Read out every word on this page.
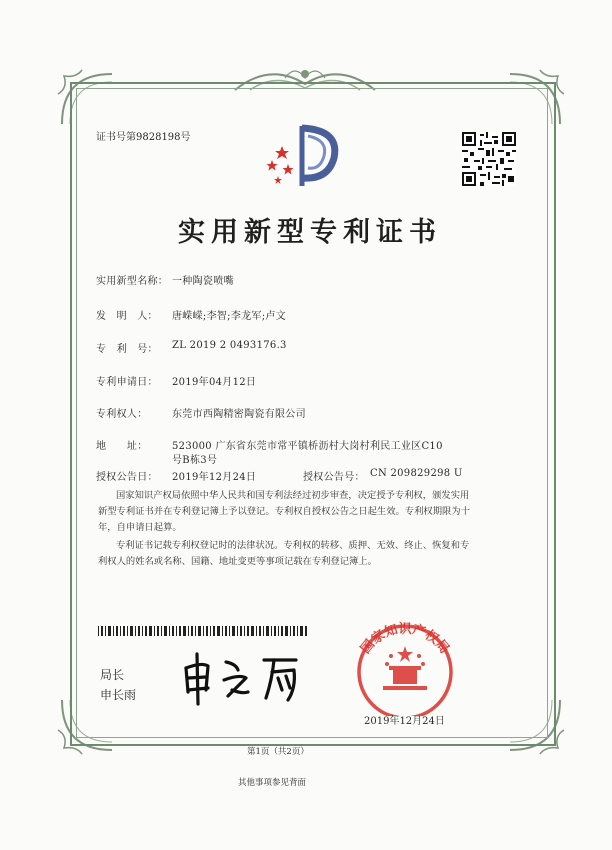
证书号第9828198号
实用新型专利证书
实用新型名称： 一种陶瓷喷嘴
发　明　人： 唐嵘嵘;李智;李龙军;卢文
专　利　号： ZL 2019 2 0493176.3
专利申请日： 2019年04月12日
专利权人： 东莞市西陶精密陶瓷有限公司
地　　址： 523000 广东省东莞市常平镇桥沥村大岗村利民工业区C10
号B栋3号
授权公告日： 2019年12月24日	授权公告号： CN 209829298 U
国家知识产权局依照中华人民共和国专利法经过初步审查，决定授予专利权，颁发实用
新型专利证书并在专利登记簿上予以登记。专利权自授权公告之日起生效。专利权期限为十
年，自申请日起算。
专利证书记载专利权登记时的法律状况。专利权的转移、质押、无效、终止、恢复和专
利权人的姓名或名称、国籍、地址变更等事项记载在专利登记簿上。
局长
申长雨
国家知识产权局
2019年12月24日
第1页（共2页）
其他事项参见背面
